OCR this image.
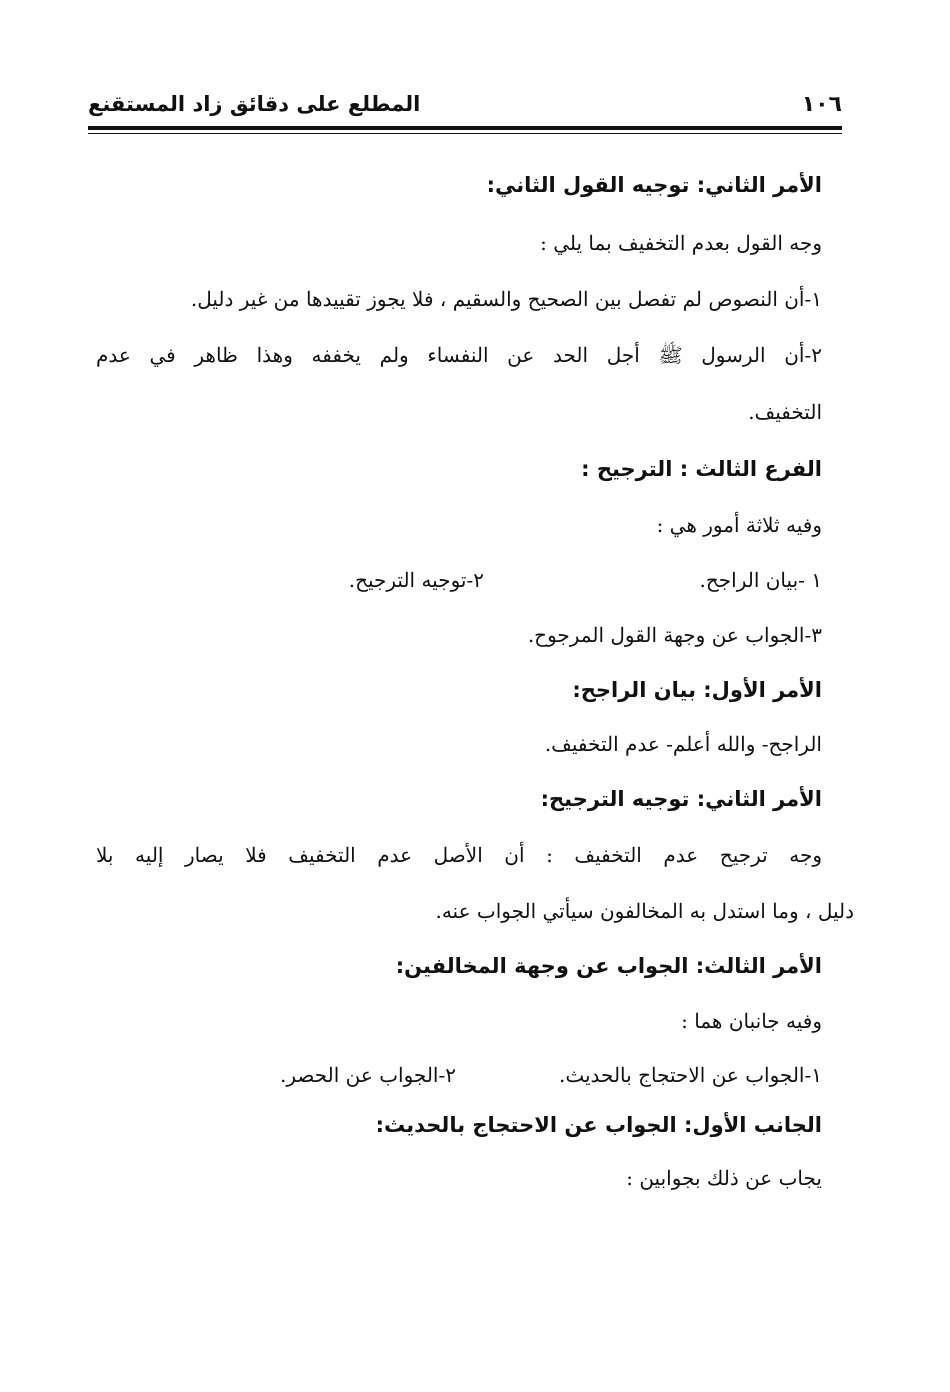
١٠٦
المطلع على دقائق زاد المستقنع
الأمر الثاني: توجيه القول الثاني:
وجه القول بعدم التخفيف بما يلي :
١-أن النصوص لم تفصل بين الصحيح والسقيم ، فلا يجوز تقييدها من غير دليل.
٢-أن الرسول ﷺ أجل الحد عن النفساء ولم يخففه وهذا ظاهر في عدم
التخفيف.
الفرع الثالث : الترجيح :
وفيه ثلاثة أمور هي :
١ -بيان الراجح.
٢-توجيه الترجيح.
٣-الجواب عن وجهة القول المرجوح.
الأمر الأول: بيان الراجح:
الراجح- والله أعلم- عدم التخفيف.
الأمر الثاني: توجيه الترجيح:
وجه ترجيح عدم التخفيف : أن الأصل عدم التخفيف فلا يصار إليه بلا
دليل ، وما استدل به المخالفون سيأتي الجواب عنه.
الأمر الثالث: الجواب عن وجهة المخالفين:
وفيه جانبان هما :
١-الجواب عن الاحتجاج بالحديث.
٢-الجواب عن الحصر.
الجانب الأول: الجواب عن الاحتجاج بالحديث:
يجاب عن ذلك بجوابين :
